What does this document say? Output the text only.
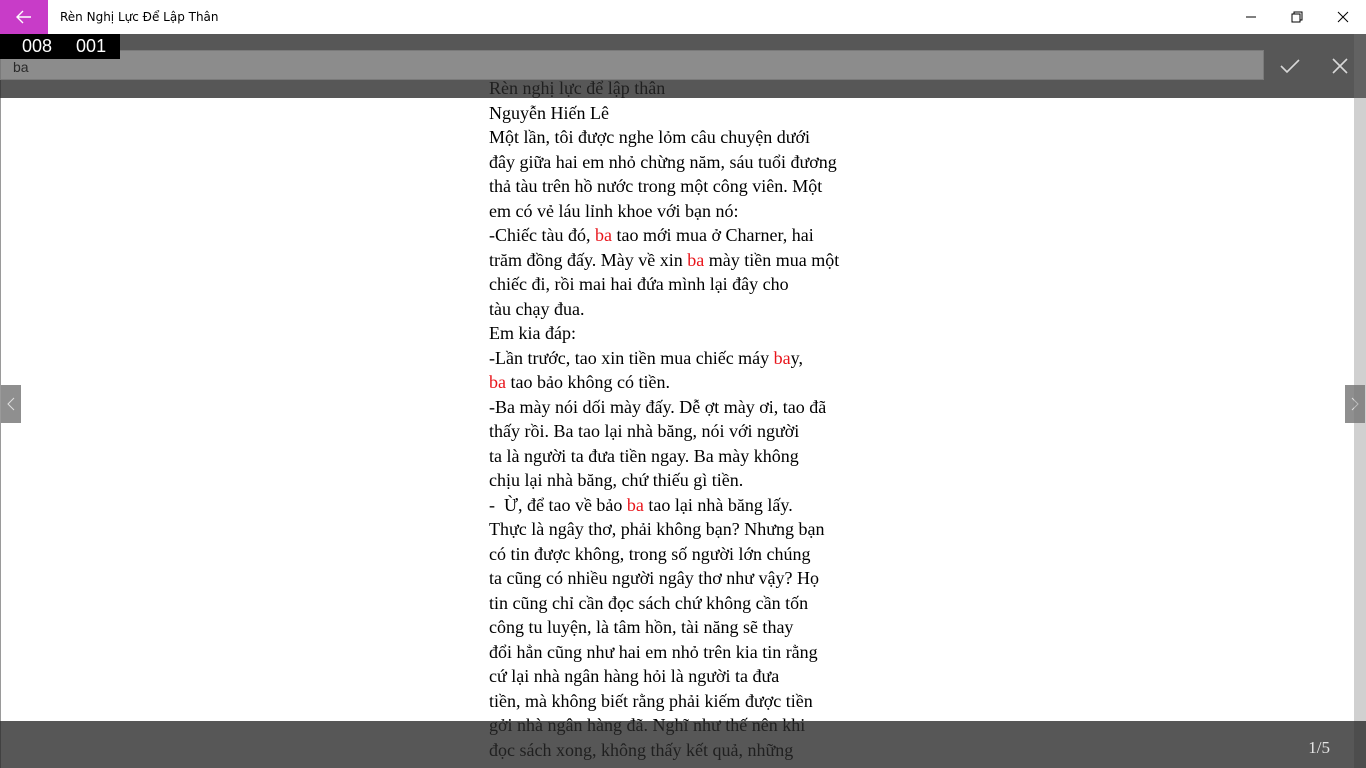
Rèn Nghị Lực Để Lập Thân
Nguyễn Hiến Lê
Một lần, tôi được nghe lỏm câu chuyện dưới
đây giữa hai em nhỏ chừng năm, sáu tuổi đương
thả tàu trên hồ nước trong một công viên. Một
em có vẻ láu lỉnh khoe với bạn nó:
-Chiếc tàu đó, ba tao mới mua ở Charner, hai
trăm đồng đấy. Mày về xin ba mày tiền mua một
chiếc đi, rồi mai hai đứa mình lại đây cho
tàu chạy đua.
Em kia đáp:
-Lần trước, tao xin tiền mua chiếc máy bay,
ba tao bảo không có tiền.
-Ba mày nói dối mày đấy. Dễ ợt mày ơi, tao đã
thấy rồi. Ba tao lại nhà băng, nói với người
ta là người ta đưa tiền ngay. Ba mày không
chịu lại nhà băng, chứ thiếu gì tiền.
-  Ừ, để tao về bảo ba tao lại nhà băng lấy.
Thực là ngây thơ, phải không bạn? Nhưng bạn
có tin được không, trong số người lớn chúng
ta cũng có nhiều người ngây thơ như vậy? Họ
tin cũng chỉ cần đọc sách chứ không cần tốn
công tu luyện, là tâm hồn, tài năng sẽ thay
đổi hẳn cũng như hai em nhỏ trên kia tin rằng
cứ lại nhà ngân hàng hỏi là người ta đưa
tiền, mà không biết rằng phải kiếm được tiền
ba
008 001
1/5
